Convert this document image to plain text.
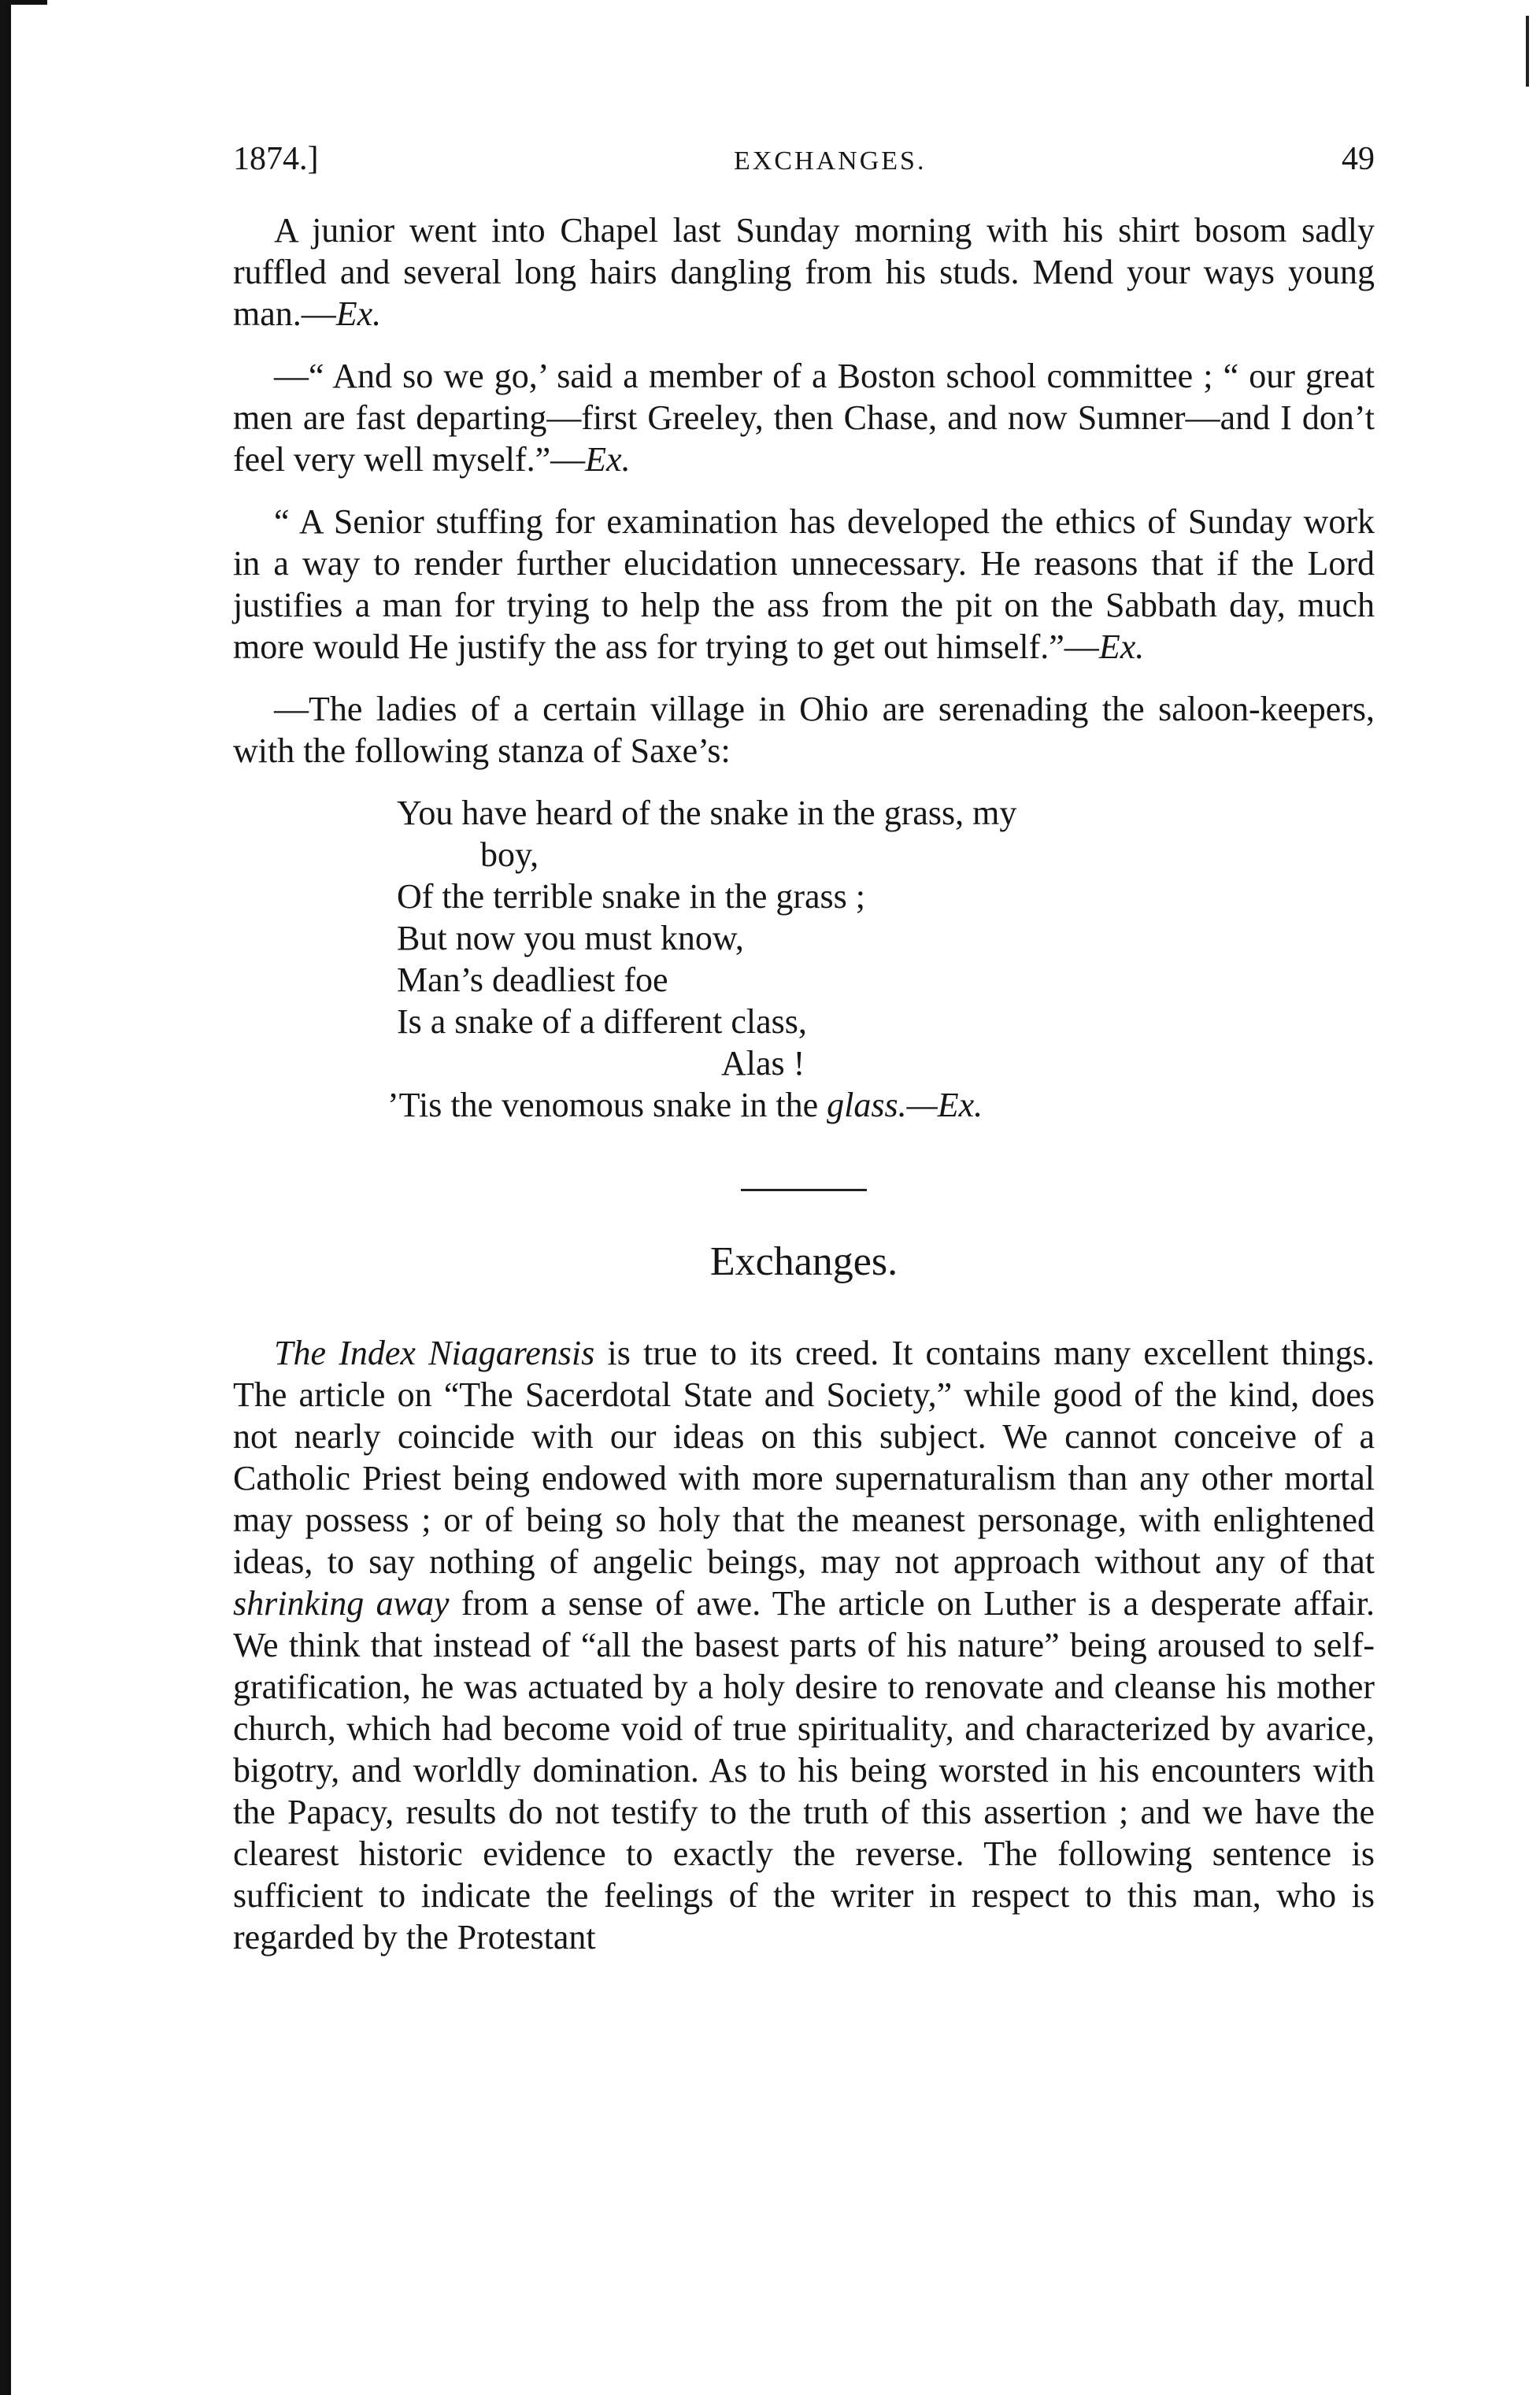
1874.]	EXCHANGES.	49

A junior went into Chapel last Sunday morning with his shirt bosom sadly ruffled and several long hairs dangling from his studs. Mend your ways young man.—Ex.

—“ And so we go,’ said a member of a Boston school committee ; “ our great men are fast departing—first Greeley, then Chase, and now Sumner—and I don’t feel very well myself.”—Ex.

“ A Senior stuffing for examination has developed the ethics of Sunday work in a way to render further elucidation unnecessary. He reasons that if the Lord justifies a man for trying to help the ass from the pit on the Sabbath day, much more would He justify the ass for trying to get out himself.”—Ex.

—The ladies of a certain village in Ohio are serenading the saloon-keepers, with the following stanza of Saxe’s:

You have heard of the snake in the grass, my
boy,
Of the terrible snake in the grass ;
But now you must know,
Man’s deadliest foe
Is a snake of a different class,
Alas !
’Tis the venomous snake in the glass.—Ex.
Exchanges.

The Index Niagarensis is true to its creed. It contains many excellent things. The article on “The Sacerdotal State and Society,” while good of the kind, does not nearly coincide with our ideas on this subject. We cannot conceive of a Catholic Priest being endowed with more supernaturalism than any other mortal may possess ; or of being so holy that the meanest personage, with enlightened ideas, to say nothing of angelic beings, may not approach without any of that shrinking away from a sense of awe. The article on Luther is a desperate affair. We think that instead of “all the basest parts of his nature” being aroused to self-gratification, he was actuated by a holy desire to renovate and cleanse his mother church, which had become void of true spirituality, and characterized by avarice, bigotry, and worldly domination. As to his being worsted in his encounters with the Papacy, results do not testify to the truth of this assertion ; and we have the clearest historic evidence to exactly the reverse. The following sentence is sufficient to indicate the feelings of the writer in respect to this man, who is regarded by the Protestant
